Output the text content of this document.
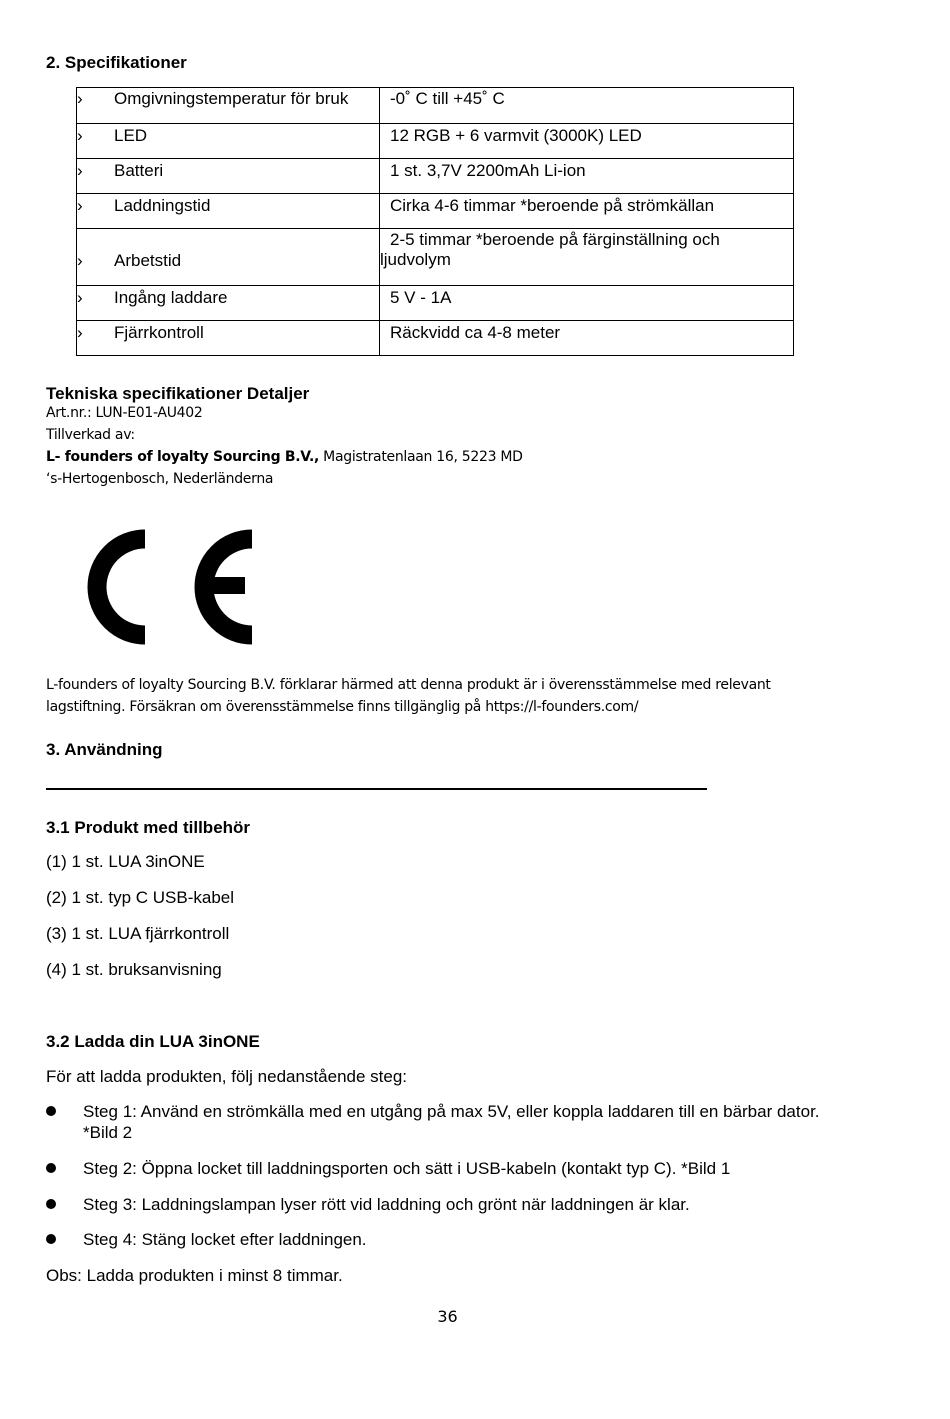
2. Specifikationer
› Omgivningstemperatur för bruk	-0˚ C till +45˚ C

› LED	12 RGB + 6 varmvit (3000K) LED

› Batteri	1 st. 3,7V 2200mAh Li-ion

› Laddningstid	Cirka 4-6 timmar *beroende på strömkällan

› Arbetstid	2-5 timmar *beroende på färginställning och
ljudvolym

› Ingång laddare	5 V - 1A

› Fjärrkontroll	Räckvidd ca 4-8 meter
Tekniska specifikationer Detaljer
Art.nr.: LUN-E01-AU402
Tillverkad av:
L- founders of loyalty Sourcing B.V., Magistratenlaan 16, 5223 MD
‘s-Hertogenbosch, Nederländerna
L-founders of loyalty Sourcing B.V. förklarar härmed att denna produkt är i överensstämmelse med relevant
lagstiftning. Försäkran om överensstämmelse finns tillgänglig på https://l-founders.com/
3. Användning
3.1 Produkt med tillbehör
(1) 1 st. LUA 3inONE
(2) 1 st. typ C USB-kabel
(3) 1 st. LUA fjärrkontroll
(4) 1 st. bruksanvisning
3.2 Ladda din LUA 3inONE
För att ladda produkten, följ nedanstående steg:
Steg 1: Använd en strömkälla med en utgång på max 5V, eller koppla laddaren till en bärbar dator.
*Bild 2
Steg 2: Öppna locket till laddningsporten och sätt i USB-kabeln (kontakt typ C). *Bild 1
Steg 3: Laddningslampan lyser rött vid laddning och grönt när laddningen är klar.
Steg 4: Stäng locket efter laddningen.
Obs: Ladda produkten i minst 8 timmar.
36
